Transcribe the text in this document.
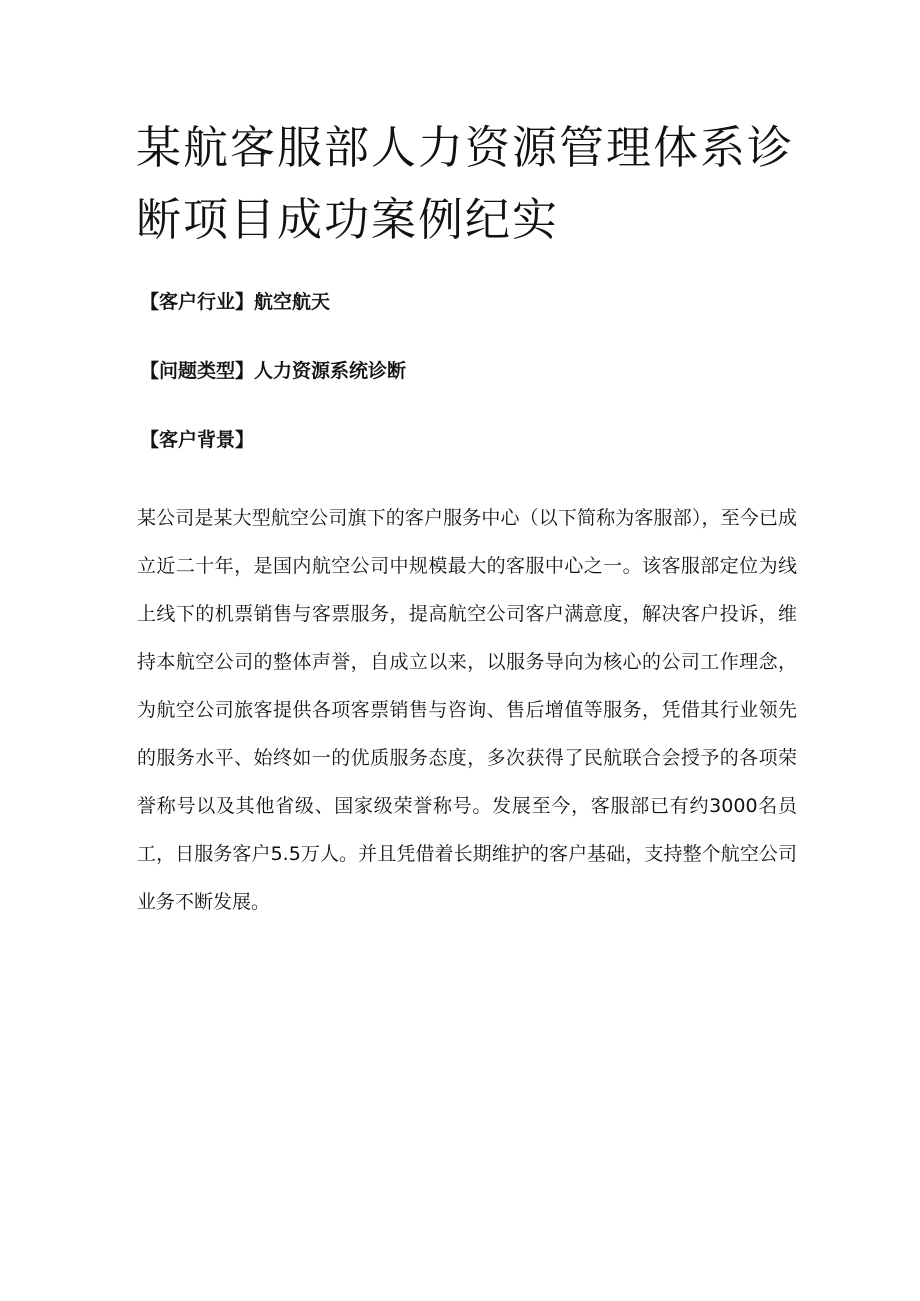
某航客服部人力资源管理体系诊断项目成功案例纪实

【客户行业】航空航天

【问题类型】人力资源系统诊断

【客户背景】

某公司是某大型航空公司旗下的客户服务中心（以下简称为客服部），至今已成立近二十年，是国内航空公司中规模最大的客服中心之一。该客服部定位为线上线下的机票销售与客票服务，提高航空公司客户满意度，解决客户投诉，维持本航空公司的整体声誉，自成立以来，以服务导向为核心的公司工作理念，为航空公司旅客提供各项客票销售与咨询、售后增值等服务，凭借其行业领先的服务水平、始终如一的优质服务态度，多次获得了民航联合会授予的各项荣誉称号以及其他省级、国家级荣誉称号。发展至今，客服部已有约3000名员工，日服务客户5.5万人。并且凭借着长期维护的客户基础，支持整个航空公司业务不断发展。
